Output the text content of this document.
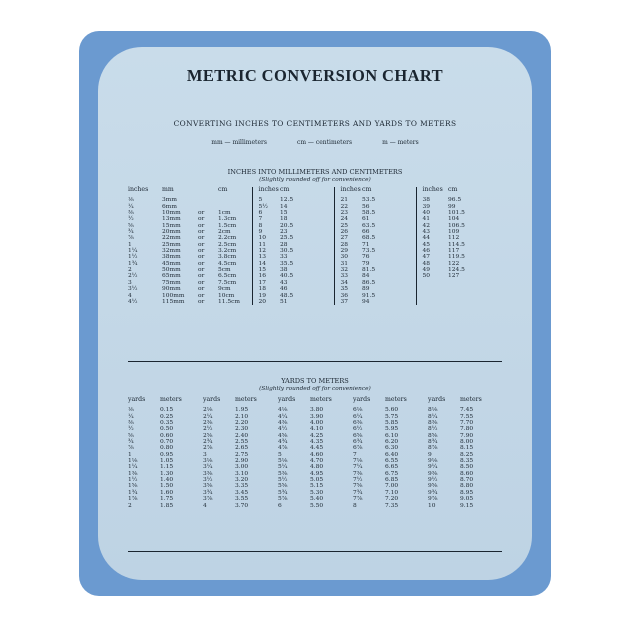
METRIC CONVERSION CHART
CONVERTING INCHES TO CENTIMETERS AND YARDS TO METERS
mm — millimeters	cm — centimeters	m — meters
INCHES INTO MILLIMETERS AND CENTIMETERS
(Slightly rounded off for convenience)
inches	mm		cm	inches	cm	inches	cm	inches	cm
⅛	3mm			5	12.5	21	53.5	38	96.5
¼	6mm			5½	14	22	56	39	99
⅜	10mm	or	1cm	6	15	23	58.5	40	101.5
½	13mm	or	1.3cm	7	18	24	61	41	104
⅝	15mm	or	1.5cm	8	20.5	25	63.5	42	106.5
¾	20mm	or	2cm	9	23	26	66	43	109
⅞	22mm	or	2.2cm	10	25.5	27	68.5	44	112
1	25mm	or	2.5cm	11	28	28	71	45	114.5
1¼	32mm	or	3.2cm	12	30.5	29	73.5	46	117
1½	38mm	or	3.8cm	13	33	30	76	47	119.5
1¾	45mm	or	4.5cm	14	35.5	31	79	48	122
2	50mm	or	5cm	15	38	32	81.5	49	124.5
2½	65mm	or	6.5cm	16	40.5	33	84	50	127
3	75mm	or	7.5cm	17	43	34	86.5		
3½	90mm	or	9cm	18	46	35	89		
4	100mm	or	10cm	19	48.5	36	91.5		
4½	115mm	or	11.5cm	20	51	37	94		
YARDS TO METERS
(Slightly rounded off for convenience)
yards	meters	yards	meters	yards	meters	yards	meters	yards	meters
⅛	0.15	2⅛	1.95	4⅛	3.80	6⅛	5.60	8⅛	7.45
¼	0.25	2¼	2.10	4¼	3.90	6¼	5.75	8¼	7.55
⅜	0.35	2⅜	2.20	4⅜	4.00	6⅜	5.85	8⅜	7.70
½	0.50	2½	2.30	4½	4.10	6½	5.95	8½	7.80
⅝	0.60	2⅝	2.40	4⅝	4.25	6⅝	6.10	8⅝	7.90
¾	0.70	2¾	2.55	4¾	4.35	6¾	6.20	8¾	8.00
⅞	0.80	2⅞	2.65	4⅞	4.45	6⅞	6.30	8⅞	8.15
1	0.95	3	2.75	5	4.60	7	6.40	9	8.25
1⅛	1.05	3⅛	2.90	5⅛	4.70	7⅛	6.55	9⅛	8.35
1¼	1.15	3¼	3.00	5¼	4.80	7¼	6.65	9¼	8.50
1⅜	1.30	3⅜	3.10	5⅜	4.95	7⅜	6.75	9⅜	8.60
1½	1.40	3½	3.20	5½	5.05	7½	6.85	9½	8.70
1⅝	1.50	3⅝	3.35	5⅝	5.15	7⅝	7.00	9⅝	8.80
1¾	1.60	3¾	3.45	5¾	5.30	7¾	7.10	9¾	8.95
1⅞	1.75	3⅞	3.55	5⅞	5.40	7⅞	7.20	9⅞	9.05
2	1.85	4	3.70	6	5.50	8	7.35	10	9.15
